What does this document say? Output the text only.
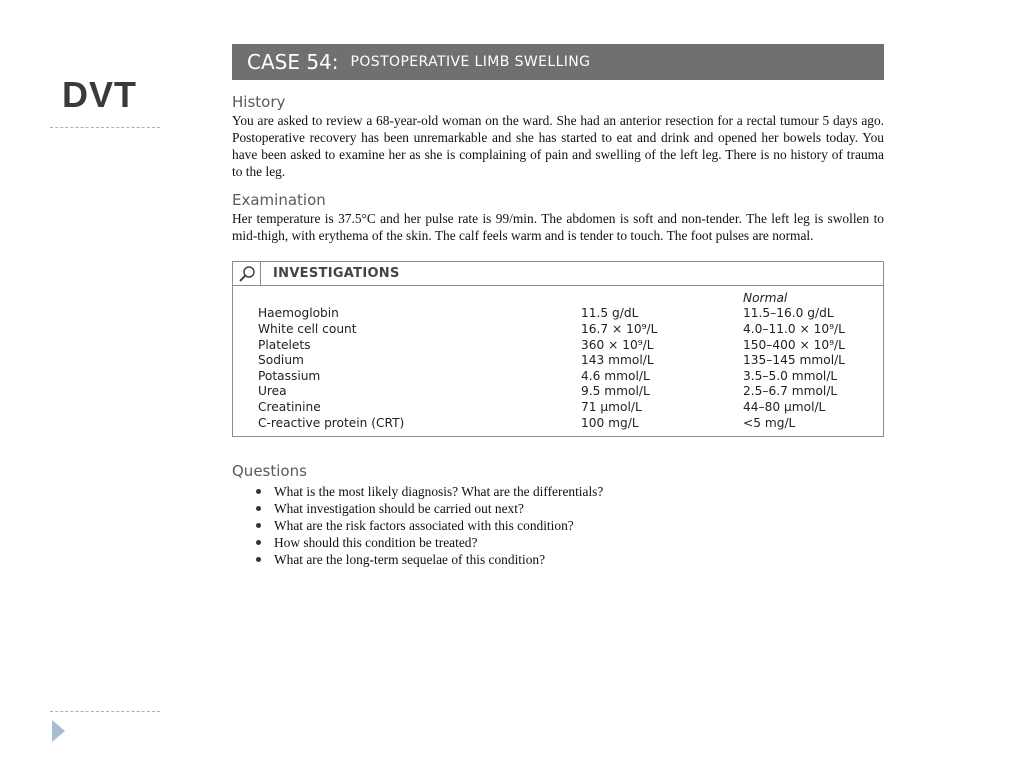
DVT
CASE 54: POSTOPERATIVE LIMB SWELLING

History

You are asked to review a 68-year-old woman on the ward. She had an anterior resection for a rectal tumour 5 days ago. Postoperative recovery has been unremarkable and she has started to eat and drink and opened her bowels today. You have been asked to examine her as she is complaining of pain and swelling of the left leg. There is no history of trauma to the leg.

Examination

Her temperature is 37.5°C and her pulse rate is 99/min. The abdomen is soft and non-tender. The left leg is swollen to mid-thigh, with erythema of the skin. The calf feels warm and is tender to touch. The foot pulses are normal.

INVESTIGATIONS
Normal
Haemoglobin	11.5 g/dL	11.5–16.0 g/dL
White cell count	16.7 × 10⁹/L	4.0–11.0 × 10⁹/L
Platelets	360 × 10⁹/L	150–400 × 10⁹/L
Sodium	143 mmol/L	135–145 mmol/L
Potassium	4.6 mmol/L	3.5–5.0 mmol/L
Urea	9.5 mmol/L	2.5–6.7 mmol/L
Creatinine	71 µmol/L	44–80 µmol/L
C-reactive protein (CRT)	100 mg/L	<5 mg/L

Questions

What is the most likely diagnosis? What are the differentials?
What investigation should be carried out next?
What are the risk factors associated with this condition?
How should this condition be treated?
What are the long-term sequelae of this condition?
